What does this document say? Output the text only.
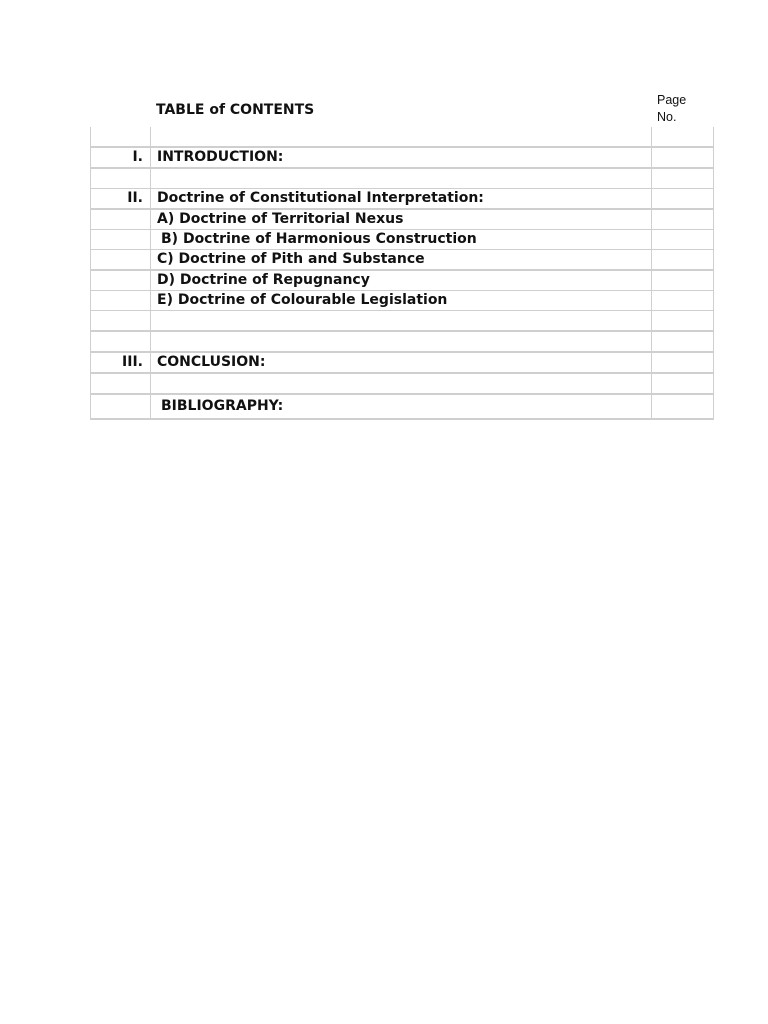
TABLE of CONTENTS
Page No.

I.	INTRODUCTION:	

II.	Doctrine of Constitutional Interpretation:	
	A) Doctrine of Territorial Nexus	
	B) Doctrine of Harmonious Construction	
	C) Doctrine of Pith and Substance	
	D) Doctrine of Repugnancy	
	E) Doctrine of Colourable Legislation	

III.	CONCLUSION:	

	BIBLIOGRAPHY:	
